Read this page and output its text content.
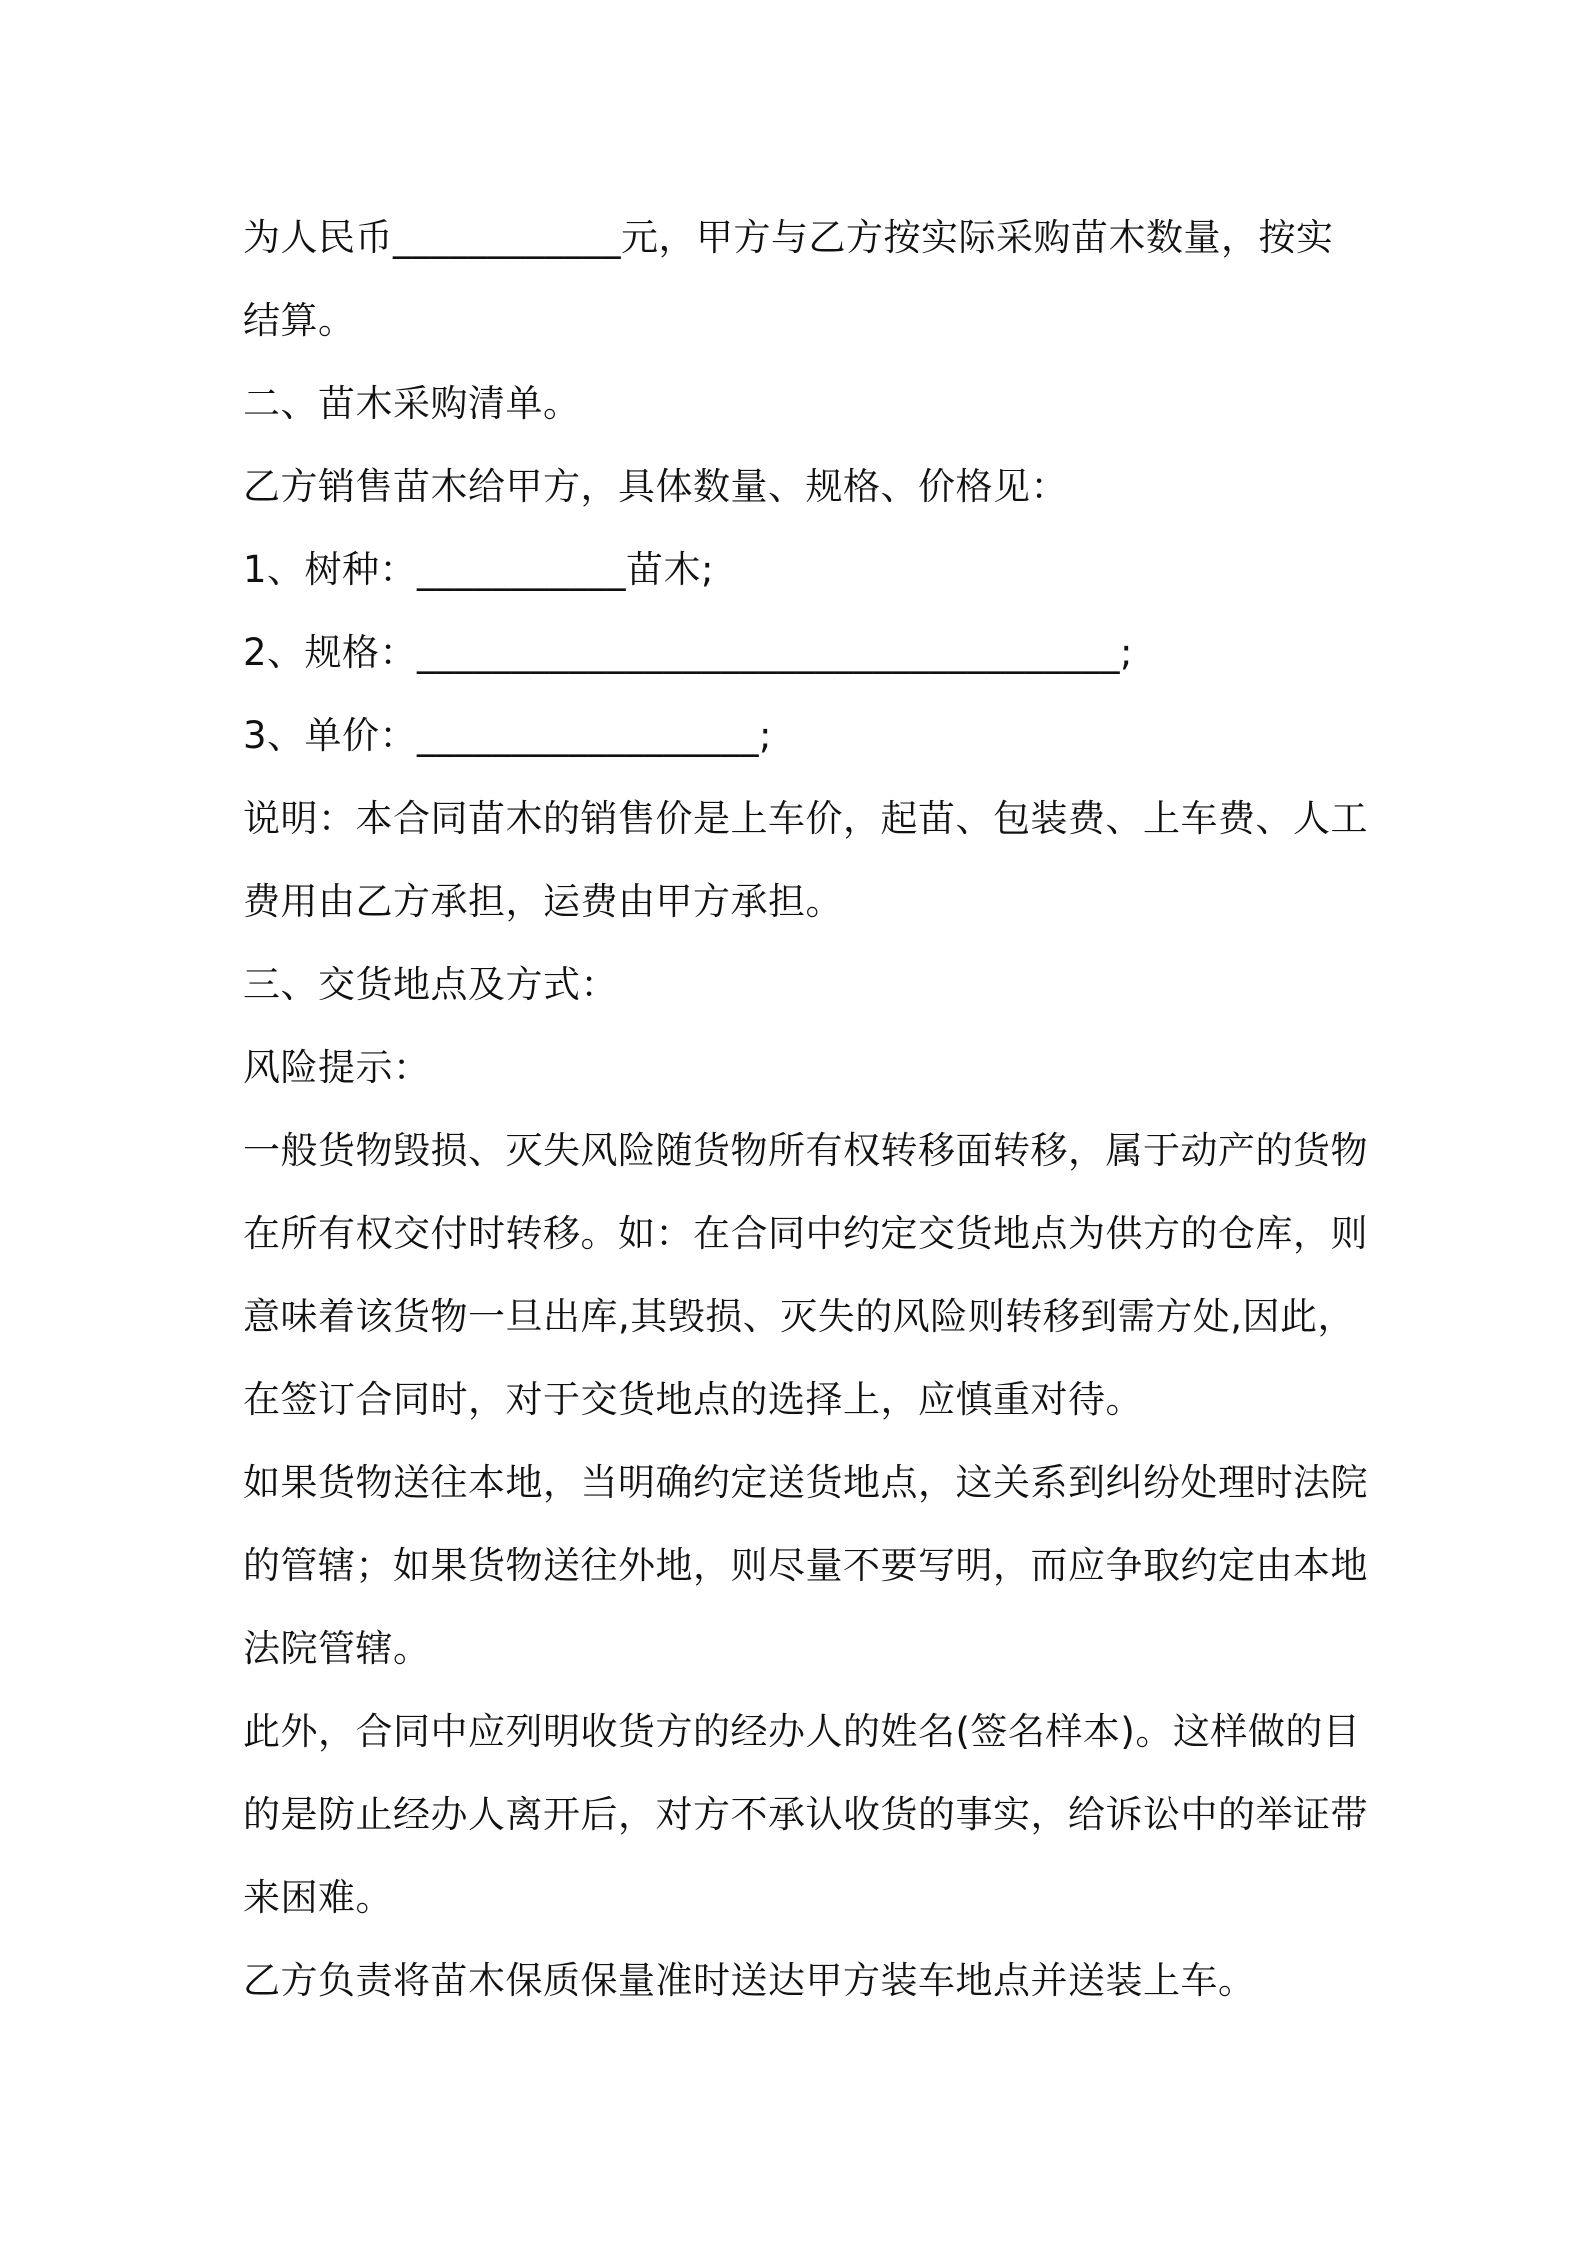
为人民币____________元，甲方与乙方按实际采购苗木数量，按实
结算。
二、苗木采购清单。
乙方销售苗木给甲方，具体数量、规格、价格见：
1、树种：___________苗木;
2、规格：_____________________________________;
3、单价：__________________;
说明：本合同苗木的销售价是上车价，起苗、包装费、上车费、人工
费用由乙方承担，运费由甲方承担。
三、交货地点及方式：
风险提示：
一般货物毁损、灭失风险随货物所有权转移面转移，属于动产的货物
在所有权交付时转移。如：在合同中约定交货地点为供方的仓库，则
意味着该货物一旦出库,其毁损、灭失的风险则转移到需方处,因此，
在签订合同时，对于交货地点的选择上，应慎重对待。
如果货物送往本地，当明确约定送货地点，这关系到纠纷处理时法院
的管辖；如果货物送往外地，则尽量不要写明，而应争取约定由本地
法院管辖。
此外，合同中应列明收货方的经办人的姓名(签名样本)。这样做的目
的是防止经办人离开后，对方不承认收货的事实，给诉讼中的举证带
来困难。
乙方负责将苗木保质保量准时送达甲方装车地点并送装上车。
